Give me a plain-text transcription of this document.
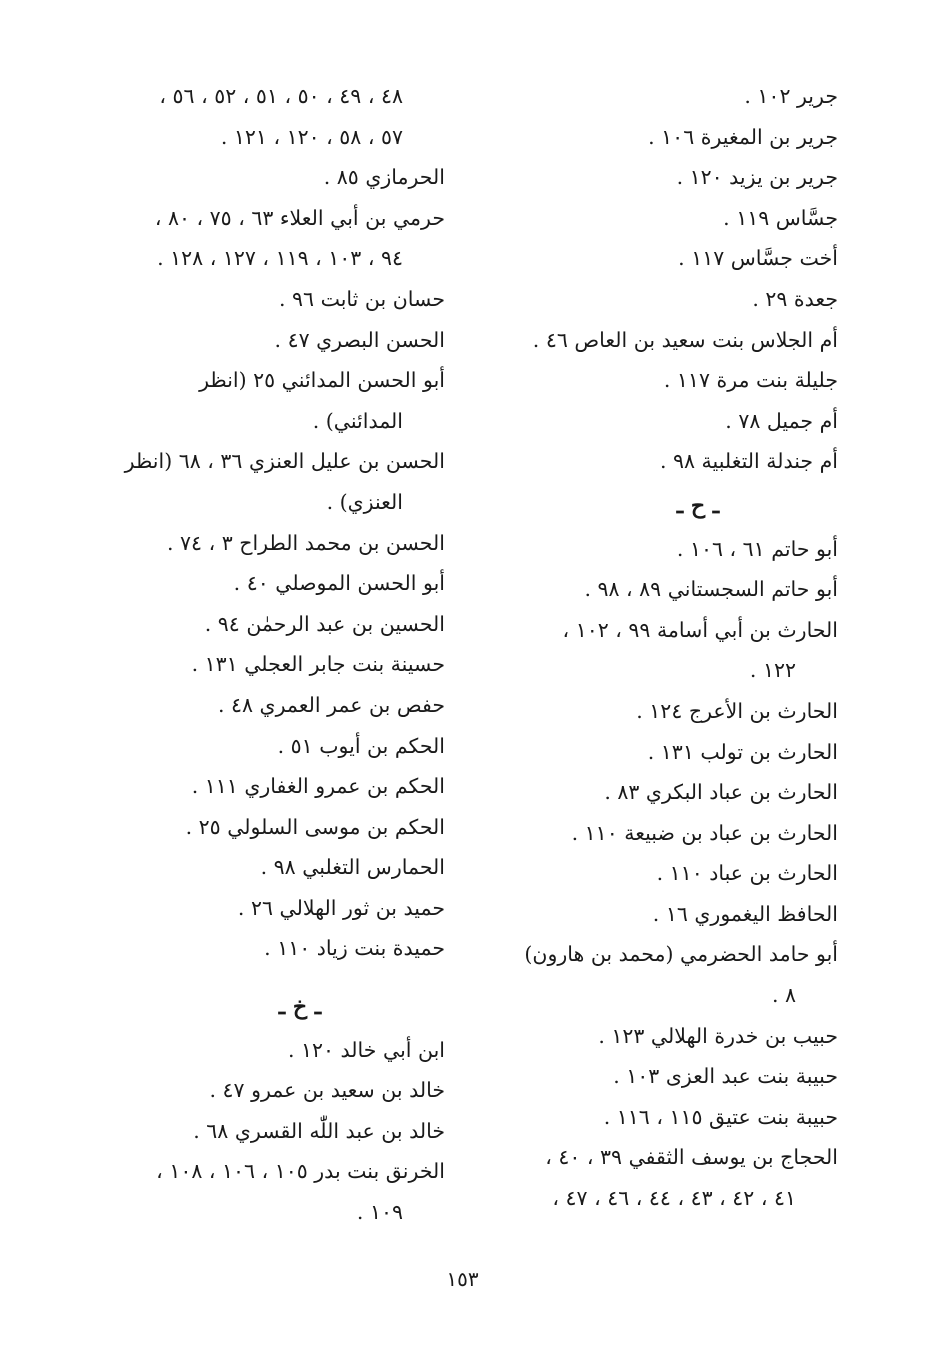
جرير ١٠٢ .
جرير بن المغيرة ١٠٦ .
جرير بن يزيد ١٢٠ .
جسَّاس ١١٩ .
أخت جسَّاس ١١٧ .
جعدة ٢٩ .
أم الجلاس بنت سعيد بن العاص ٤٦ .
جليلة بنت مرة ١١٧ .
أم جميل ٧٨ .
أم جندلة التغلبية ٩٨ .
ـ ح ـ
أبو حاتم ٦١ ، ١٠٦ .
أبو حاتم السجستاني ٨٩ ، ٩٨ .
الحارث بن أبي أسامة ٩٩ ، ١٠٢ ،
١٢٢ .
الحارث بن الأعرج ١٢٤ .
الحارث بن تولب ١٣١ .
الحارث بن عباد البكري ٨٣ .
الحارث بن عباد بن ضبيعة ١١٠ .
الحارث بن عباد ١١٠ .
الحافظ اليغموري ١٦ .
أبو حامد الحضرمي (محمد بن هارون)
٨ .
حبيب بن خدرة الهلالي ١٢٣ .
حبيبة بنت عبد العزى ١٠٣ .
حبيبة بنت عتيق ١١٥ ، ١١٦ .
الحجاج بن يوسف الثقفي ٣٩ ، ٤٠ ،
٤١ ، ٤٢ ، ٤٣ ، ٤٤ ، ٤٦ ، ٤٧ ،
٤٨ ، ٤٩ ، ٥٠ ، ٥١ ، ٥٢ ، ٥٦ ،
٥٧ ، ٥٨ ، ١٢٠ ، ١٢١ .
الحرمازي ٨٥ .
حرمي بن أبي العلاء ٦٣ ، ٧٥ ، ٨٠ ،
٩٤ ، ١٠٣ ، ١١٩ ، ١٢٧ ، ١٢٨ .
حسان بن ثابت ٩٦ .
الحسن البصري ٤٧ .
أبو الحسن المدائني ٢٥ (انظر
المدائني) .
الحسن بن عليل العنزي ٣٦ ، ٦٨ (انظر
العنزي) .
الحسن بن محمد الطراح ٣ ، ٧٤ .
أبو الحسن الموصلي ٤٠ .
الحسين بن عبد الرحمٰن ٩٤ .
حسينة بنت جابر العجلي ١٣١ .
حفص بن عمر العمري ٤٨ .
الحكم بن أيوب ٥١ .
الحكم بن عمرو الغفاري ١١١ .
الحكم بن موسى السلولي ٢٥ .
الحمارس التغلبي ٩٨ .
حميد بن ثور الهلالي ٢٦ .
حميدة بنت زياد ١١٠ .
ـ خ ـ
ابن أبي خالد ١٢٠ .
خالد بن سعيد بن عمرو ٤٧ .
خالد بن عبد اللّٰه القسري ٦٨ .
الخرنق بنت بدر ١٠٥ ، ١٠٦ ، ١٠٨ ،
١٠٩ .
١٥٣
